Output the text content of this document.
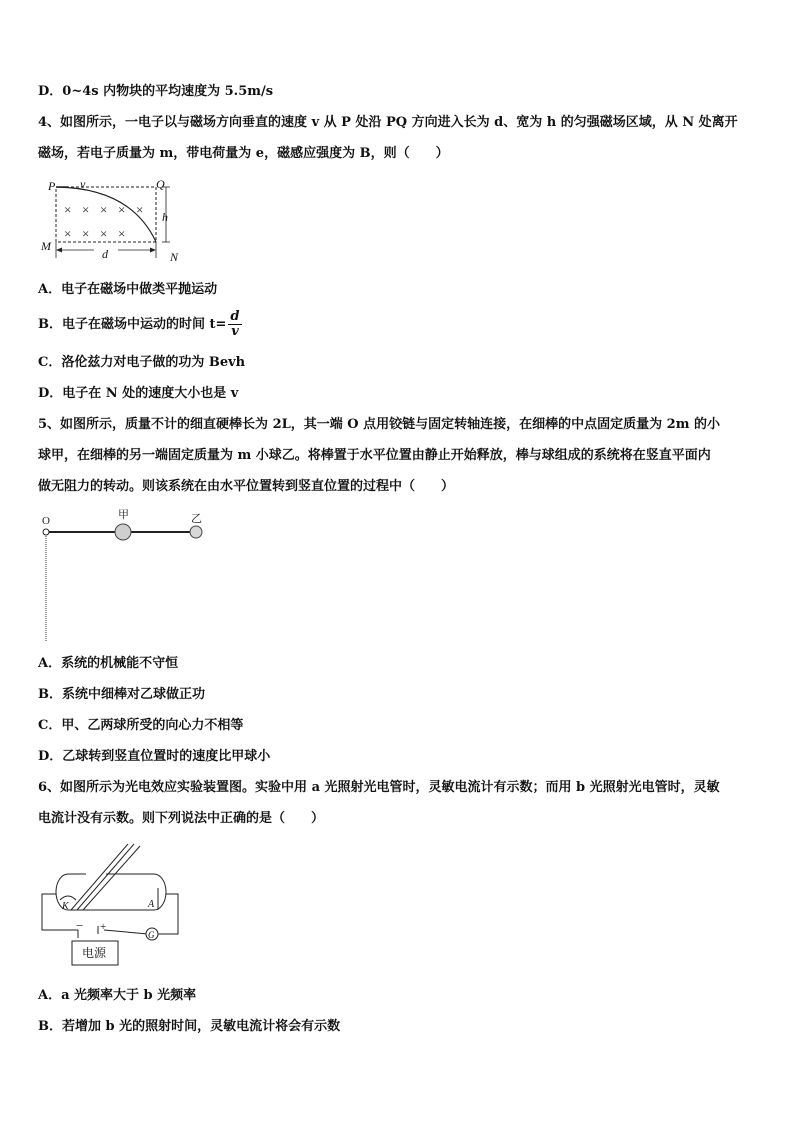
D．0~4s 内物块的平均速度为 5.5m/s
4、如图所示，一电子以与磁场方向垂直的速度 v 从 P 处沿 PQ 方向进入长为 d、宽为 h 的匀强磁场区域，从 N 处离开
磁场，若电子质量为 m，带电荷量为 e，磁感应强度为 B，则（　　）
× × × × ×
× × × ×
P v	Q
h
M
d	N
A．电子在磁场中做类平抛运动
B．电子在磁场中运动的时间 $t= \frac{d}{v}$
C．洛伦兹力对电子做的功为 Bevh
D．电子在 N 处的速度大小也是 v
5、如图所示，质量不计的细直硬棒长为 2L，其一端 O 点用铰链与固定转轴连接，在细棒的中点固定质量为 2m 的小
球甲，在细棒的另一端固定质量为 m 小球乙。将棒置于水平位置由静止开始释放，棒与球组成的系统将在竖直平面内
做无阻力的转动。则该系统在由水平位置转到竖直位置的过程中（　　）
O	甲	乙
A．系统的机械能不守恒
B．系统中细棒对乙球做正功
C．甲、乙两球所受的向心力不相等
D．乙球转到竖直位置时的速度比甲球小
6、如图所示为光电效应实验装置图。实验中用 a 光照射光电管时，灵敏电流计有示数；而用 b 光照射光电管时，灵敏
电流计没有示数。则下列说法中正确的是（　　）
K	A
− +
G
电源
A．a 光频率大于 b 光频率
B．若增加 b 光的照射时间，灵敏电流计将会有示数
